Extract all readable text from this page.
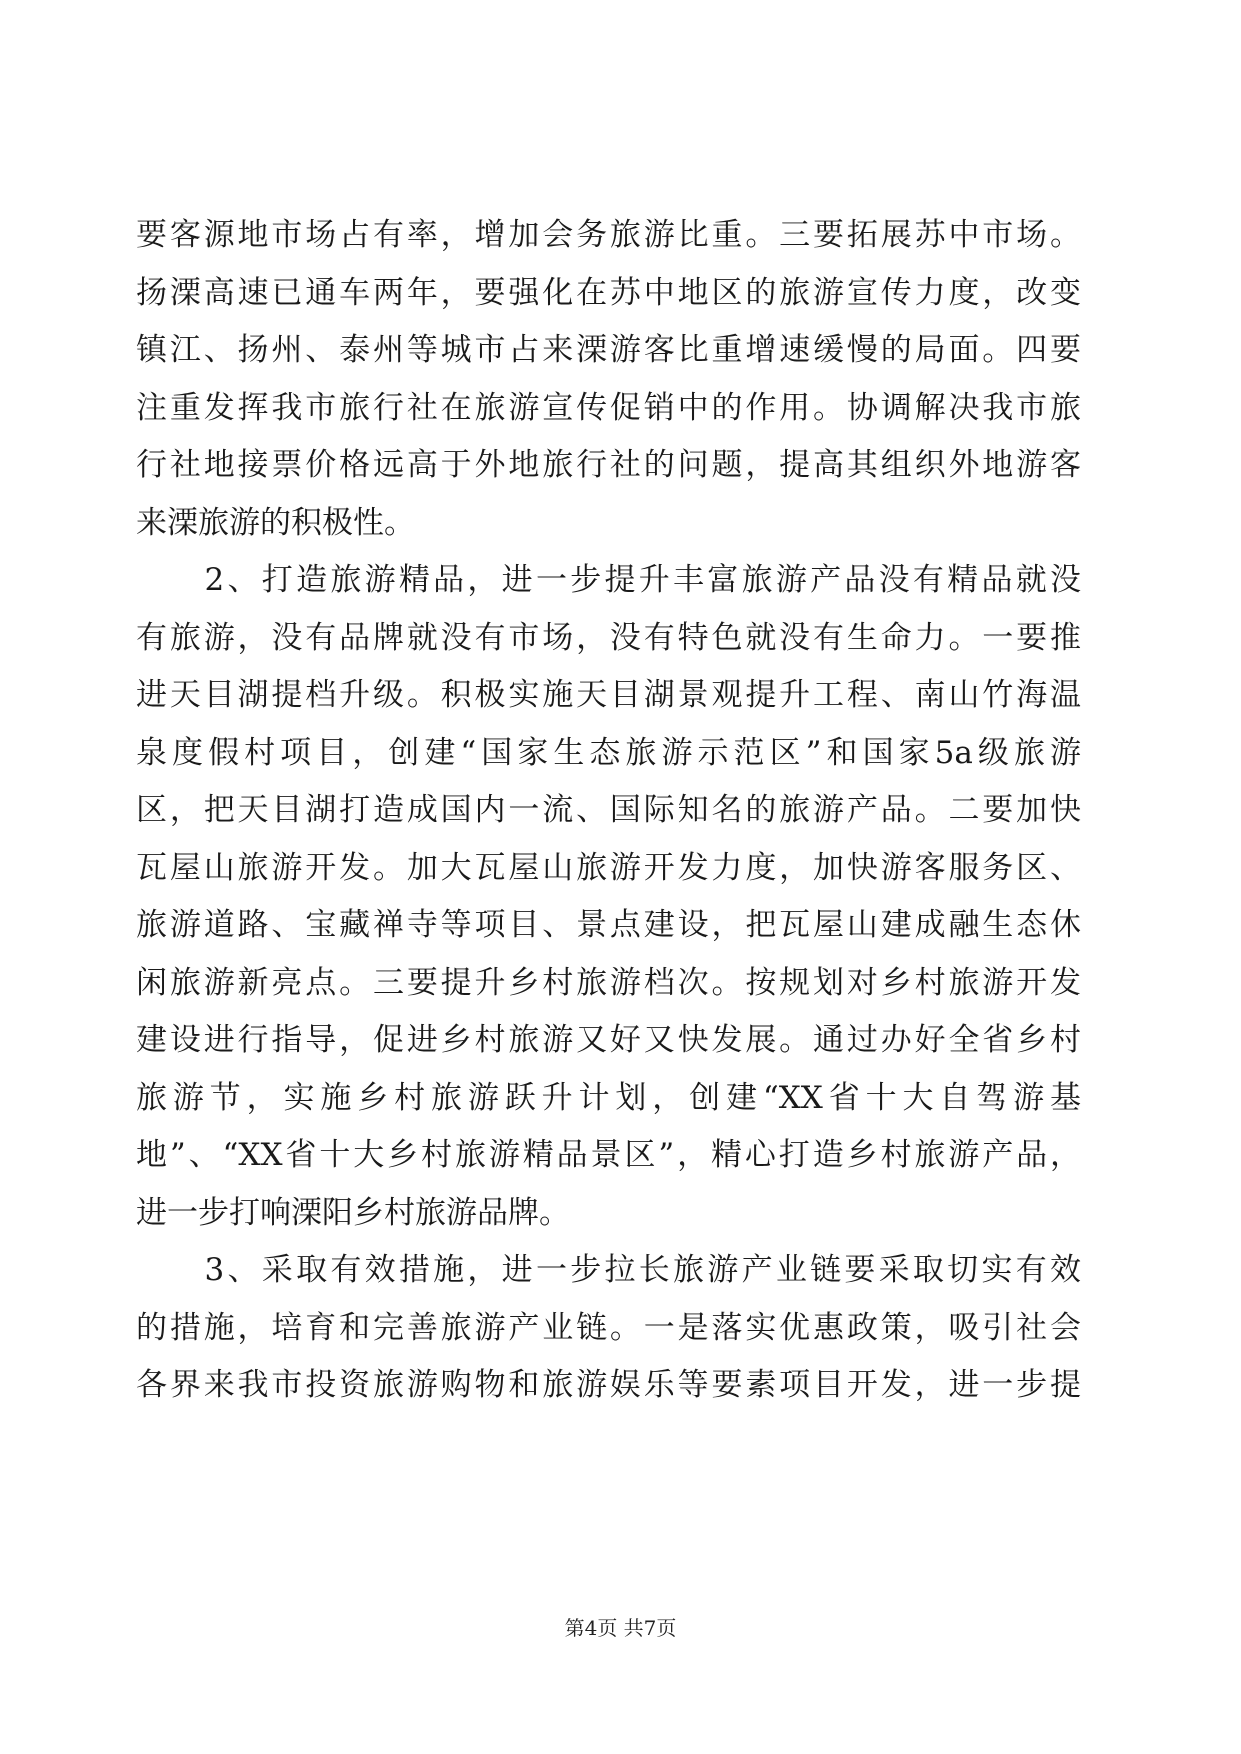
要客源地市场占有率，增加会务旅游比重。三要拓展苏中市场。
扬溧高速已通车两年，要强化在苏中地区的旅游宣传力度，改变
镇江、扬州、泰州等城市占来溧游客比重增速缓慢的局面。四要
注重发挥我市旅行社在旅游宣传促销中的作用。协调解决我市旅
行社地接票价格远高于外地旅行社的问题，提高其组织外地游客
来溧旅游的积极性。
　　2、打造旅游精品，进一步提升丰富旅游产品没有精品就没
有旅游，没有品牌就没有市场，没有特色就没有生命力。一要推
进天目湖提档升级。积极实施天目湖景观提升工程、南山竹海温
泉度假村项目，创建“国家生态旅游示范区”和国家5a级旅游
区，把天目湖打造成国内一流、国际知名的旅游产品。二要加快
瓦屋山旅游开发。加大瓦屋山旅游开发力度，加快游客服务区、
旅游道路、宝藏禅寺等项目、景点建设，把瓦屋山建成融生态休
闲旅游新亮点。三要提升乡村旅游档次。按规划对乡村旅游开发
建设进行指导，促进乡村旅游又好又快发展。通过办好全省乡村
旅游节，实施乡村旅游跃升计划，创建“XX省十大自驾游基
地”、“XX省十大乡村旅游精品景区”，精心打造乡村旅游产品，
进一步打响溧阳乡村旅游品牌。
　　3、采取有效措施，进一步拉长旅游产业链要采取切实有效
的措施，培育和完善旅游产业链。一是落实优惠政策，吸引社会
各界来我市投资旅游购物和旅游娱乐等要素项目开发，进一步提
第4页 共7页
